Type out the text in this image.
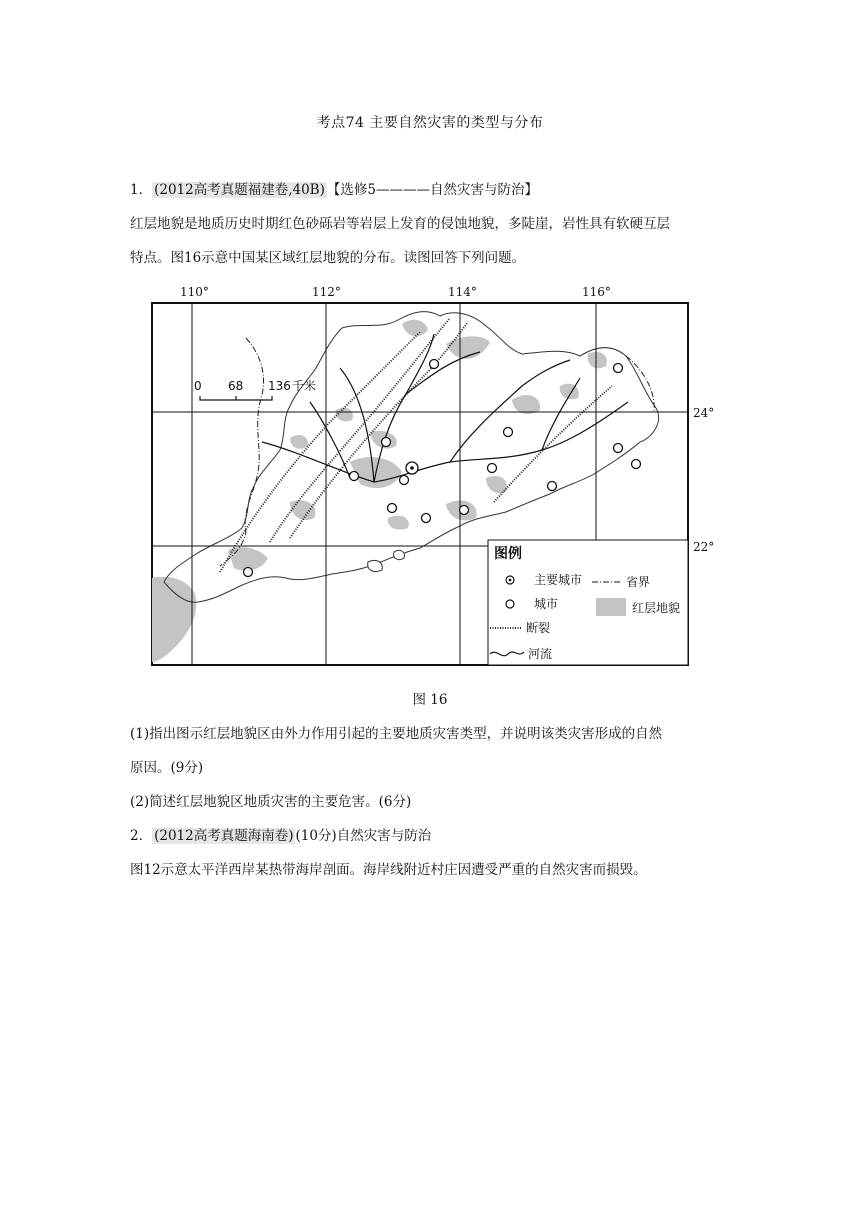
考点74 主要自然灾害的类型与分布
1． (2012高考真题福建卷,40B) 【选修5————自然灾害与防治】
红层地貌是地质历史时期红色砂砾岩等岩层上发育的侵蚀地貌，多陡崖，岩性具有软硬互层
特点。图16示意中国某区域红层地貌的分布。读图回答下列问题。
110°	112°	114°	116°
0 68 136 千米
24°
22°
图例
主要城市	省界
城市	红层地貌
断裂
河流
图 16
(1)指出图示红层地貌区由外力作用引起的主要地质灾害类型，并说明该类灾害形成的自然
原因。(9分)
(2)简述红层地貌区地质灾害的主要危害。(6分)
2． (2012高考真题海南卷) (10分)自然灾害与防治
图12示意太平洋西岸某热带海岸剖面。海岸线附近村庄因遭受严重的自然灾害而损毁。
